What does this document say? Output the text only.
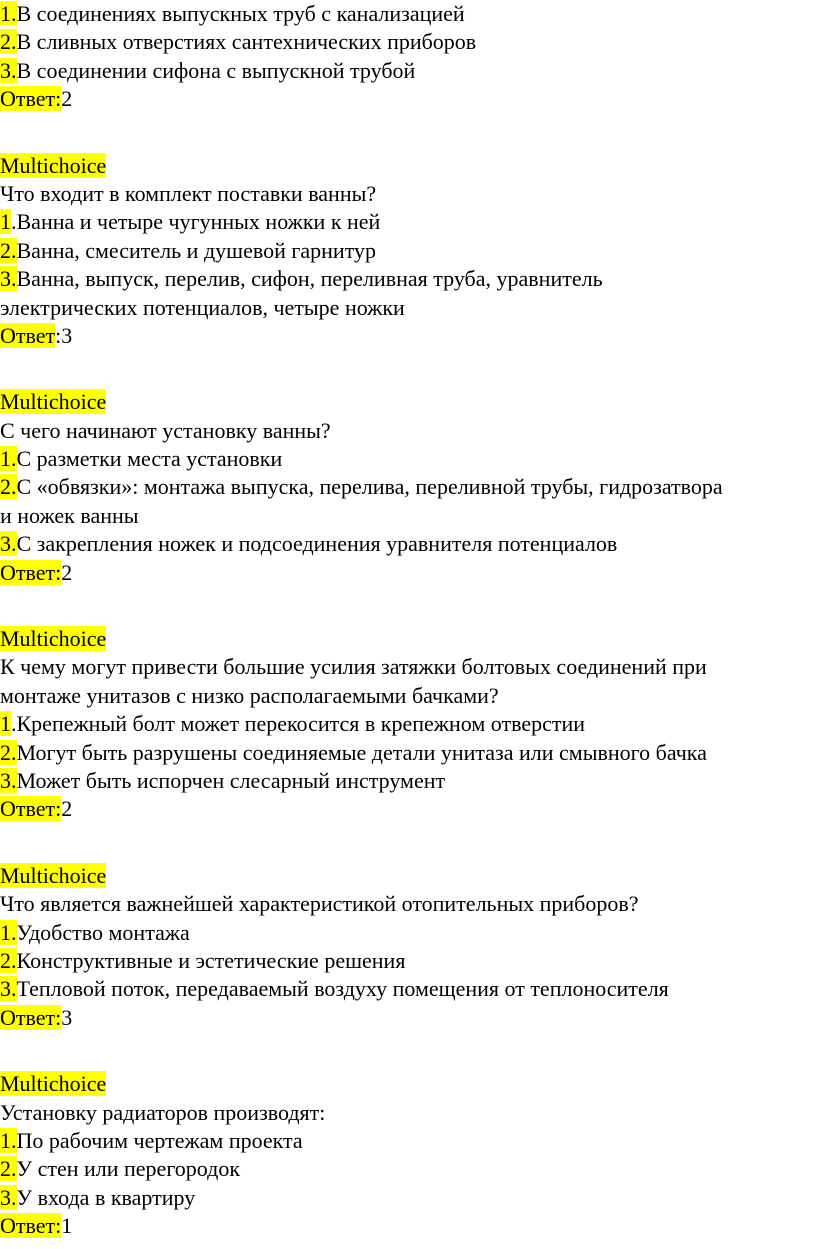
1.В соединениях выпускных труб с канализацией
2.В сливных отверстиях сантехнических приборов
3.В соединении сифона с выпускной трубой
Ответ:2
Multichoice
Что входит в комплект поставки ванны?
1.Ванна и четыре чугунных ножки к ней
2.Ванна, смеситель и душевой гарнитур
3.Ванна, выпуск, перелив, сифон, переливная труба, уравнитель
электрических потенциалов, четыре ножки
Ответ:3
Multichoice
С чего начинают установку ванны?
1.С разметки места установки
2.С «обвязки»: монтажа выпуска, перелива, переливной трубы, гидрозатвора
и ножек ванны
3.С закрепления ножек и подсоединения уравнителя потенциалов
Ответ:2
Multichoice
К чему могут привести большие усилия затяжки болтовых соединений при
монтаже унитазов с низко располагаемыми бачками?
1.Крепежный болт может перекосится в крепежном отверстии
2.Могут быть разрушены соединяемые детали унитаза или смывного бачка
3.Может быть испорчен слесарный инструмент
Ответ:2
Multichoice
Что является важнейшей характеристикой отопительных приборов?
1.Удобство монтажа
2.Конструктивные и эстетические решения
3.Тепловой поток, передаваемый воздуху помещения от теплоносителя
Ответ:3
Multichoice
Установку радиаторов производят:
1.По рабочим чертежам проекта
2.У стен или перегородок
3.У входа в квартиру
Ответ:1
